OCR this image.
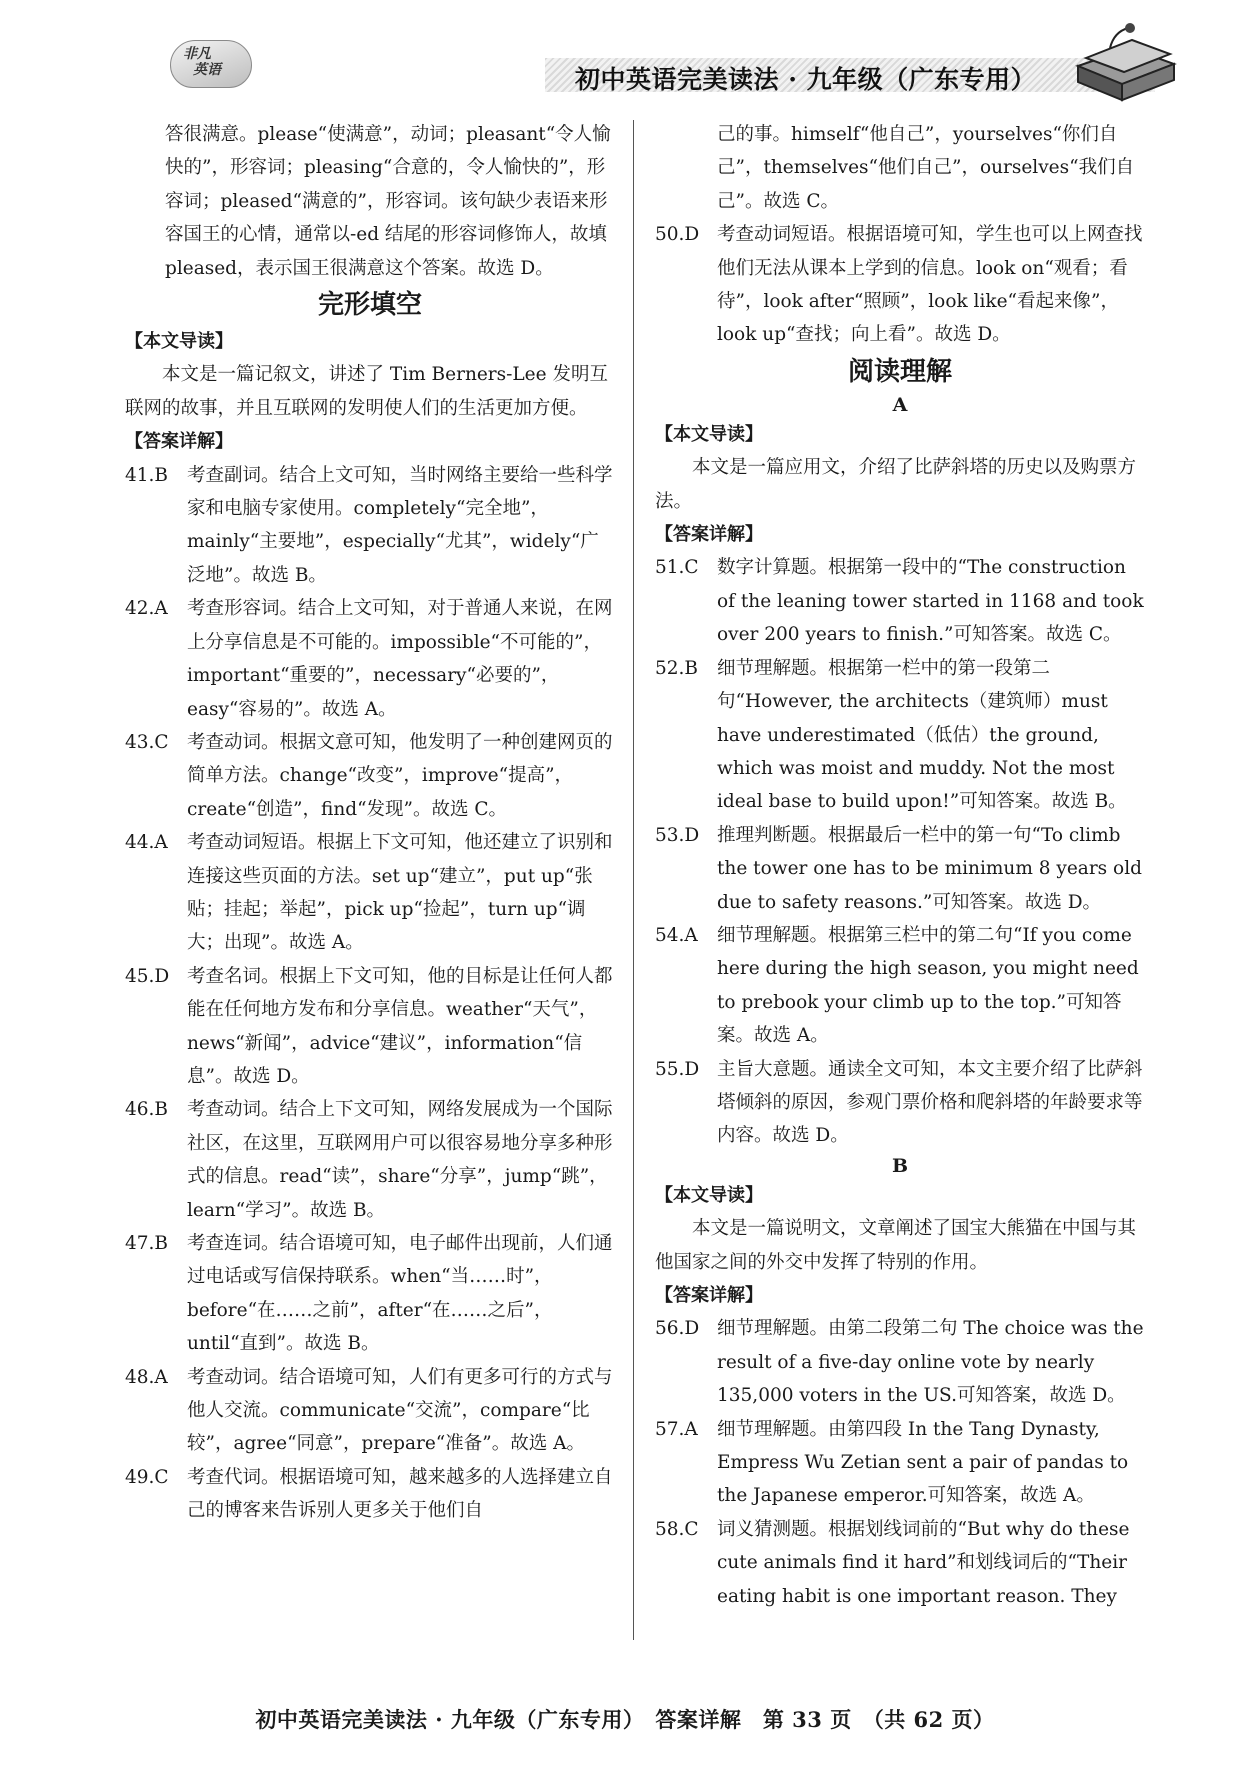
非凡
英语	初中英语完美读法 · 九年级（广东专用）

答很满意。please“使满意”，动词；pleasant“令人愉快的”，形容词；pleasing“合意的，令人愉快的”，形容词；pleased“满意的”，形容词。该句缺少表语来形容国王的心情，通常以-ed 结尾的形容词修饰人，故填 pleased，表示国王很满意这个答案。故选 D。

完形填空

【本文导读】

本文是一篇记叙文，讲述了 Tim Berners-Lee 发明互联网的故事，并且互联网的发明使人们的生活更加方便。

【答案详解】

41.B 考查副词。结合上文可知，当时网络主要给一些科学家和电脑专家使用。completely“完全地”，mainly“主要地”，especially“尤其”，widely“广泛地”。故选 B。
42.A 考查形容词。结合上文可知，对于普通人来说，在网上分享信息是不可能的。impossible“不可能的”，important“重要的”，necessary“必要的”，easy“容易的”。故选 A。
43.C 考查动词。根据文意可知，他发明了一种创建网页的简单方法。change“改变”，improve“提高”，create“创造”，find“发现”。故选 C。
44.A 考查动词短语。根据上下文可知，他还建立了识别和连接这些页面的方法。set up“建立”，put up“张贴；挂起；举起”，pick up“捡起”，turn up“调大；出现”。故选 A。
45.D 考查名词。根据上下文可知，他的目标是让任何人都能在任何地方发布和分享信息。weather“天气”，news“新闻”，advice“建议”，information“信息”。故选 D。
46.B 考查动词。结合上下文可知，网络发展成为一个国际社区，在这里，互联网用户可以很容易地分享多种形式的信息。read“读”，share“分享”，jump“跳”，learn“学习”。故选 B。
47.B 考查连词。结合语境可知，电子邮件出现前，人们通过电话或写信保持联系。when“当……时”，before“在……之前”，after“在……之后”，until“直到”。故选 B。
48.A 考查动词。结合语境可知，人们有更多可行的方式与他人交流。communicate“交流”，compare“比较”，agree“同意”，prepare“准备”。故选 A。
49.C 考查代词。根据语境可知，越来越多的人选择建立自己的博客来告诉别人更多关于他们自

己的事。himself“他自己”，yourselves“你们自己”，themselves“他们自己”，ourselves“我们自己”。故选 C。

50.D 考查动词短语。根据语境可知，学生也可以上网查找他们无法从课本上学到的信息。look on“观看；看待”，look after“照顾”，look like“看起来像”，look up“查找；向上看”。故选 D。

阅读理解

A

【本文导读】

本文是一篇应用文，介绍了比萨斜塔的历史以及购票方法。

【答案详解】

51.C 数字计算题。根据第一段中的“The construction of the leaning tower started in 1168 and took over 200 years to finish.”可知答案。故选 C。
52.B 细节理解题。根据第一栏中的第一段第二句“However, the architects（建筑师）must have underestimated（低估）the ground, which was moist and muddy. Not the most ideal base to build upon!”可知答案。故选 B。
53.D 推理判断题。根据最后一栏中的第一句“To climb the tower one has to be minimum 8 years old due to safety reasons.”可知答案。故选 D。
54.A 细节理解题。根据第三栏中的第二句“If you come here during the high season, you might need to prebook your climb up to the top.”可知答案。故选 A。
55.D 主旨大意题。通读全文可知，本文主要介绍了比萨斜塔倾斜的原因，参观门票价格和爬斜塔的年龄要求等内容。故选 D。

B

【本文导读】

本文是一篇说明文，文章阐述了国宝大熊猫在中国与其他国家之间的外交中发挥了特别的作用。

【答案详解】

56.D 细节理解题。由第二段第二句 The choice was the result of a five-day online vote by nearly 135,000 voters in the US.可知答案，故选 D。
57.A 细节理解题。由第四段 In the Tang Dynasty, Empress Wu Zetian sent a pair of pandas to the Japanese emperor.可知答案，故选 A。
58.C 词义猜测题。根据划线词前的“But why do these cute animals find it hard”和划线词后的“Their eating habit is one important reason. They
初中英语完美读法 · 九年级（广东专用）　答案详解　第 33 页　（共 62 页）
